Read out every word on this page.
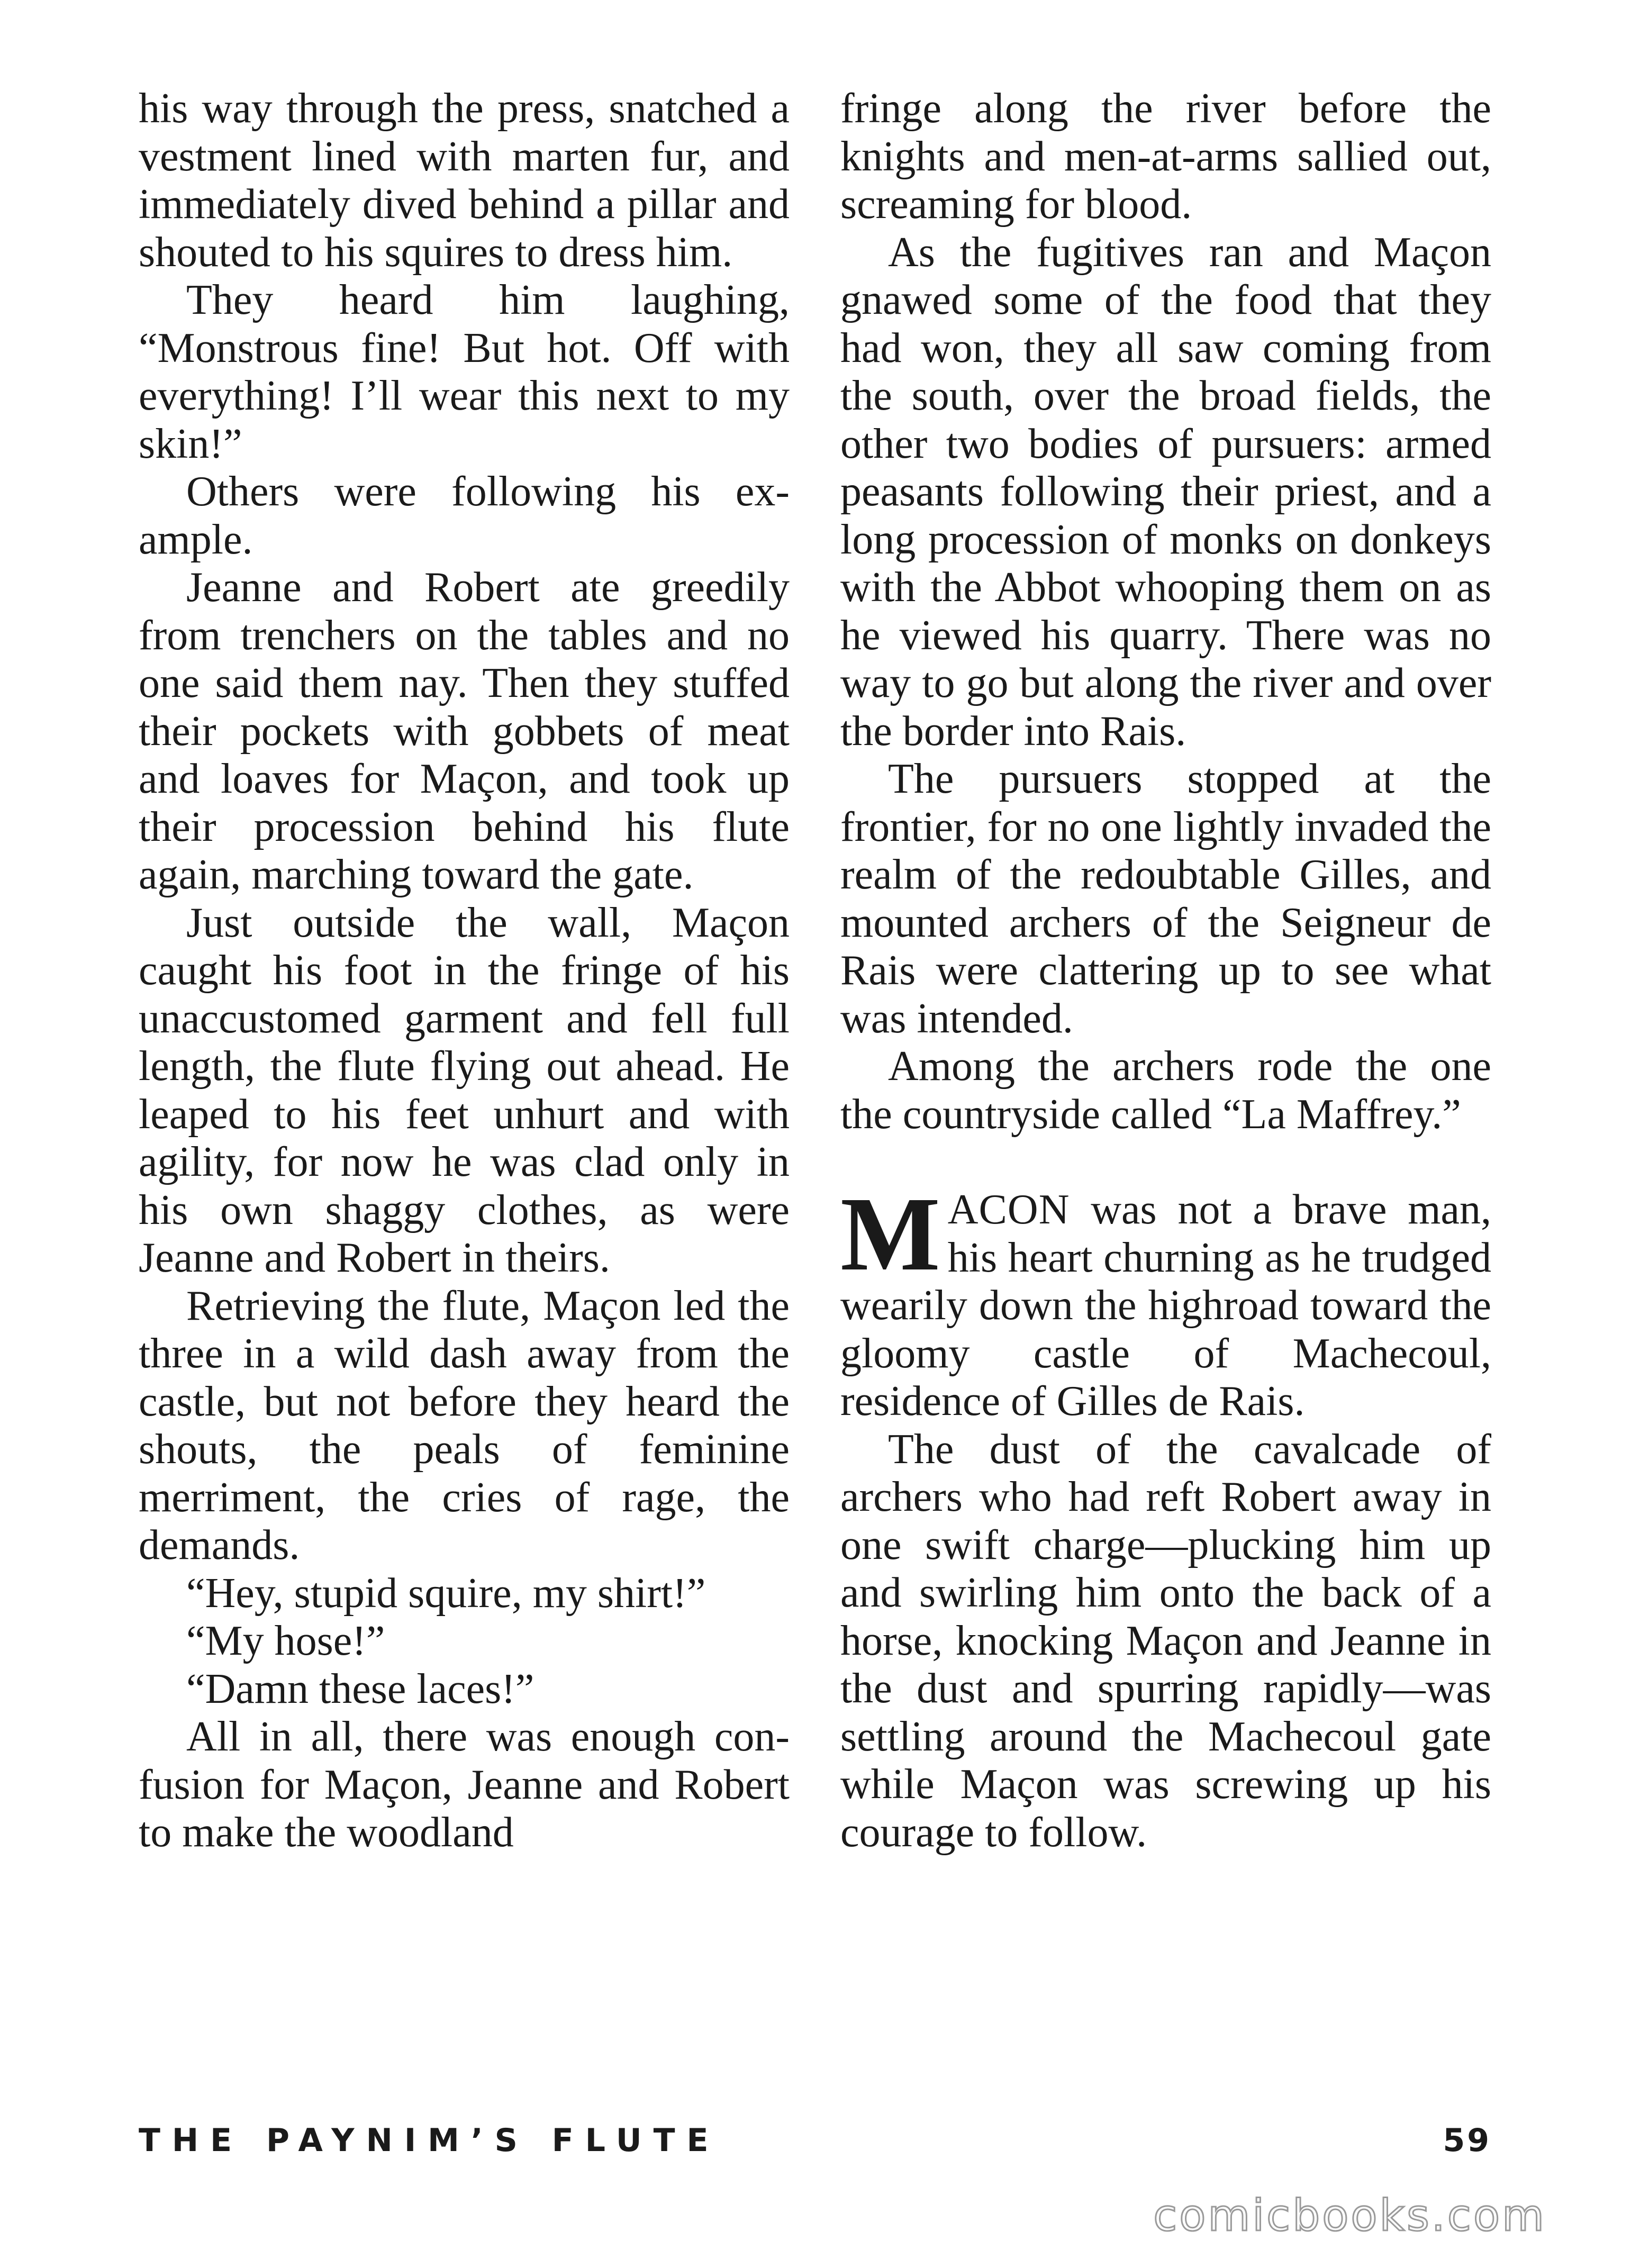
his way through the press, snatched a vestment lined with marten fur, and immediately dived behind a pillar and shouted to his squires to dress him.

They heard him laughing, “Monstrous fine! But hot. Off with everything! I’ll wear this next to my skin!”

Others were following his example.

Jeanne and Robert ate greedily from trenchers on the tables and no one said them nay. Then they stuffed their pockets with gobbets of meat and loaves for Maçon, and took up their procession behind his flute again, marching toward the gate.

Just outside the wall, Maçon caught his foot in the fringe of his unaccustomed garment and fell full length, the flute flying out ahead. He leaped to his feet unhurt and with agility, for now he was clad only in his own shaggy clothes, as were Jeanne and Robert in theirs.

Retrieving the flute, Maçon led the three in a wild dash away from the castle, but not before they heard the shouts, the peals of feminine merriment, the cries of rage, the demands.

“Hey, stupid squire, my shirt!”

“My hose!”

“Damn these laces!”

All in all, there was enough confusion for Maçon, Jeanne and Robert to make the woodland

fringe along the river before the knights and men-at-arms sallied out, screaming for blood.

As the fugitives ran and Maçon gnawed some of the food that they had won, they all saw coming from the south, over the broad fields, the other two bodies of pursuers: armed peasants following their priest, and a long procession of monks on donkeys with the Abbot whooping them on as he viewed his quarry. There was no way to go but along the river and over the border into Rais.

The pursuers stopped at the frontier, for no one lightly invaded the realm of the redoubtable Gilles, and mounted archers of the Seigneur de Rais were clattering up to see what was intended.

Among the archers rode the one the countryside called “La Maffrey.”

MACON was not a brave man, his heart churning as he trudged wearily down the highroad toward the gloomy castle of Machecoul, residence of Gilles de Rais.

The dust of the cavalcade of archers who had reft Robert away in one swift charge—plucking him up and swirling him onto the back of a horse, knocking Maçon and Jeanne in the dust and spurring rapidly—was settling around the Machecoul gate while Maçon was screwing up his courage to follow.

THE PAYNIM’S FLUTE	59
comicbooks.com
